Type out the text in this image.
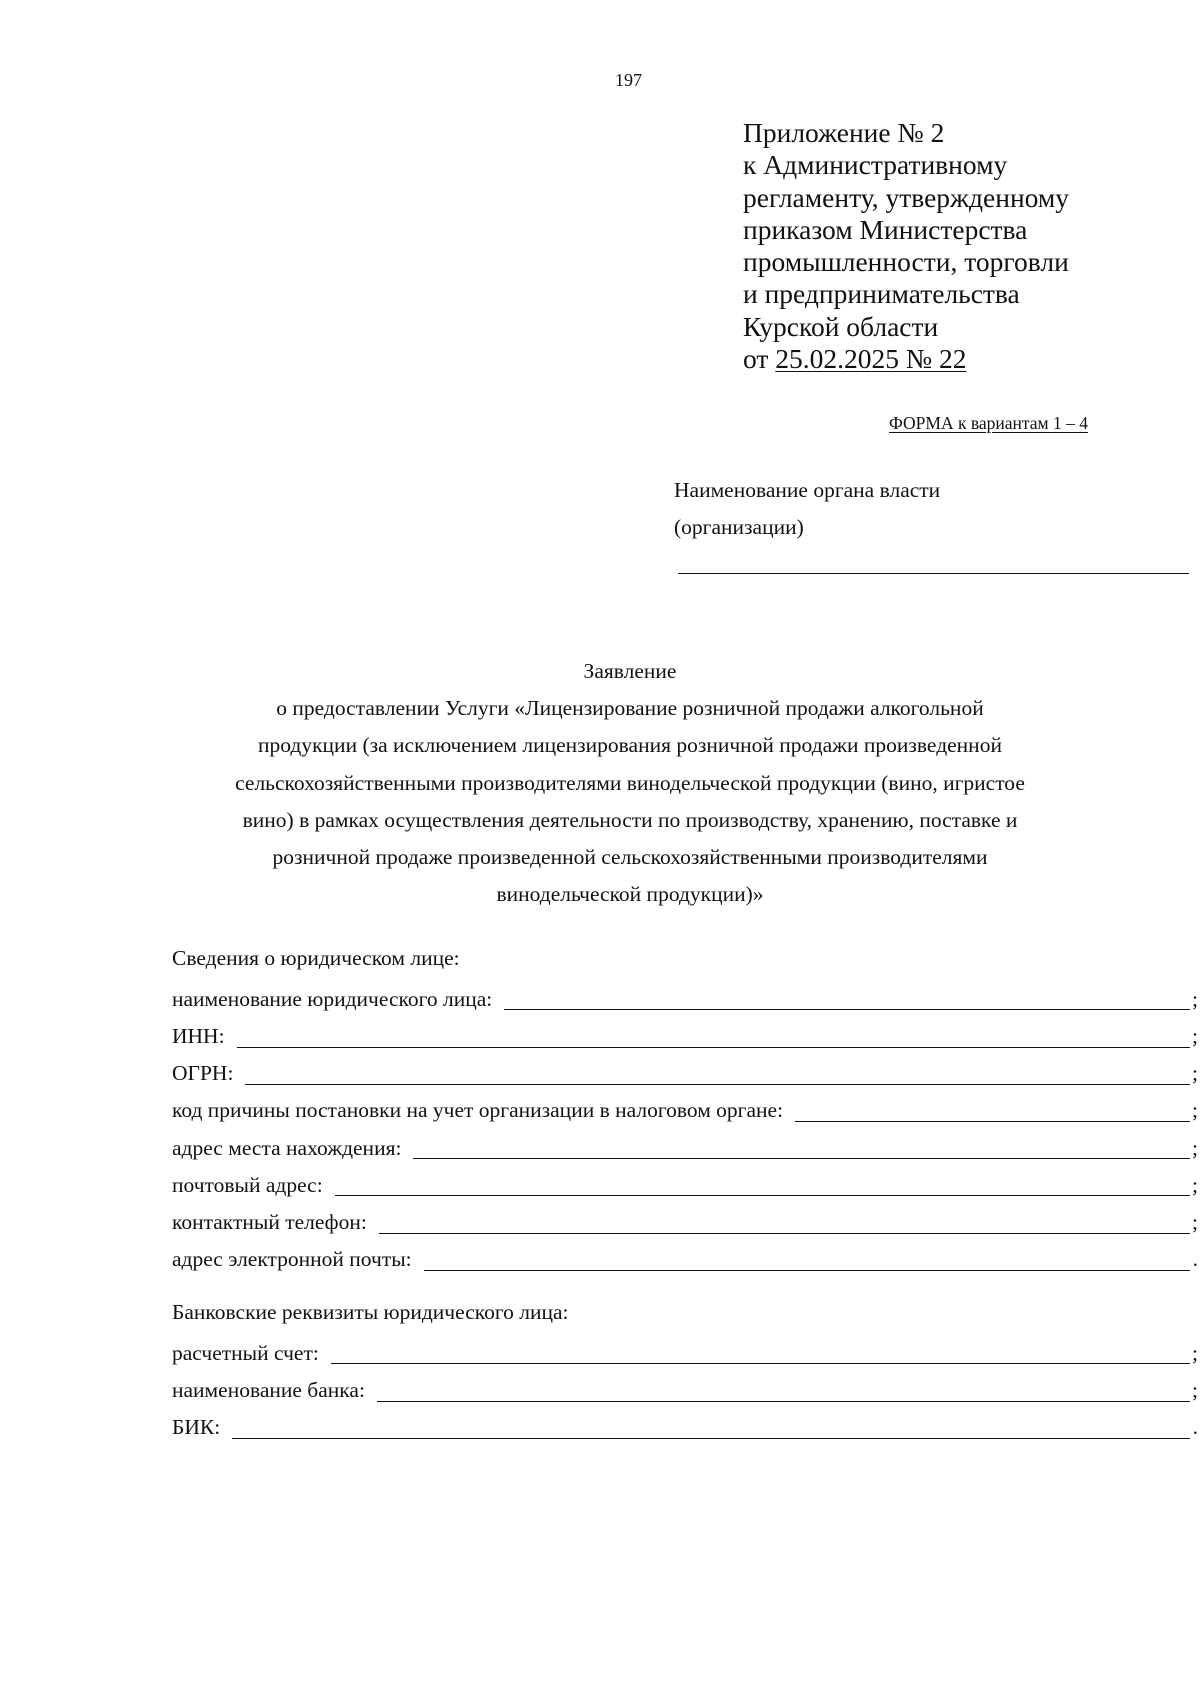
197
Приложение № 2
к Административному
регламенту, утвержденному
приказом Министерства
промышленности, торговли
и предпринимательства
Курской области
от 25.02.2025 № 22
ФОРМА к вариантам 1 – 4
Наименование органа власти
(организации)
Заявление
о предоставлении Услуги «Лицензирование розничной продажи алкогольной
продукции (за исключением лицензирования розничной продажи произведенной
сельскохозяйственными производителями винодельческой продукции (вино, игристое
вино) в рамках осуществления деятельности по производству, хранению, поставке и
розничной продаже произведенной сельскохозяйственными производителями
винодельческой продукции)»
Сведения о юридическом лице:
наименование юридического лица:	;
ИНН:	;
ОГРН:	;
код причины постановки на учет организации в налоговом органе:	;
адрес места нахождения:	;
почтовый адрес:	;
контактный телефон:	;
адрес электронной почты:	.
Банковские реквизиты юридического лица:
расчетный счет:	;
наименование банка:	;
БИК:	.
